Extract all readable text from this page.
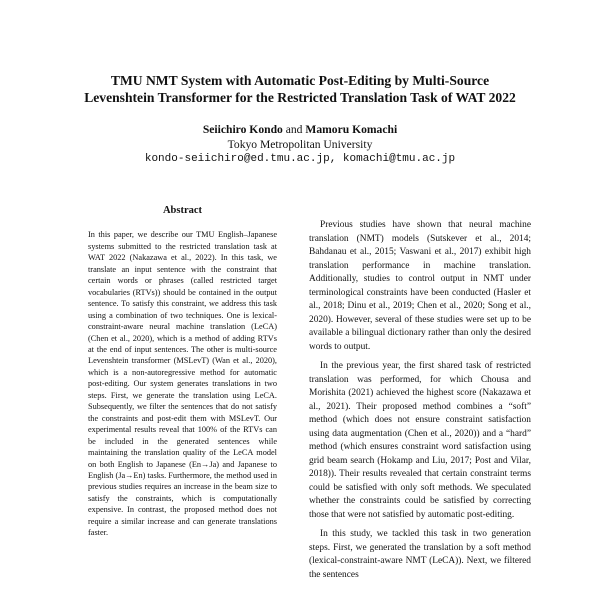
TMU NMT System with Automatic Post-Editing by Multi-Source
Levenshtein Transformer for the Restricted Translation Task of WAT 2022
Seiichiro Kondo and Mamoru Komachi
Tokyo Metropolitan University
kondo-seiichiro@ed.tmu.ac.jp, komachi@tmu.ac.jp
Abstract

In this paper, we describe our TMU English–Japanese systems submitted to the restricted translation task at WAT 2022 (Nakazawa et al., 2022). In this task, we translate an input sentence with the constraint that certain words or phrases (called restricted target vocabularies (RTVs)) should be contained in the output sentence. To satisfy this constraint, we address this task using a combination of two techniques. One is lexical-constraint-aware neural machine translation (LeCA) (Chen et al., 2020), which is a method of adding RTVs at the end of input sentences. The other is multi-source Levenshtein transformer (MSLevT) (Wan et al., 2020), which is a non-autoregressive method for automatic post-editing. Our system generates translations in two steps. First, we generate the translation using LeCA. Subsequently, we filter the sentences that do not satisfy the constraints and post-edit them with MSLevT. Our experimental results reveal that 100% of the RTVs can be included in the generated sentences while maintaining the translation quality of the LeCA model on both English to Japanese (En→Ja) and Japanese to English (Ja→En) tasks. Furthermore, the method used in previous studies requires an increase in the beam size to satisfy the constraints, which is computationally expensive. In contrast, the proposed method does not require a similar increase and can generate translations faster.

Previous studies have shown that neural machine translation (NMT) models (Sutskever et al., 2014; Bahdanau et al., 2015; Vaswani et al., 2017) exhibit high translation performance in machine translation. Additionally, studies to control output in NMT under terminological constraints have been conducted (Hasler et al., 2018; Dinu et al., 2019; Chen et al., 2020; Song et al., 2020). However, several of these studies were set up to be available a bilingual dictionary rather than only the desired words to output.

In the previous year, the first shared task of restricted translation was performed, for which Chousa and Morishita (2021) achieved the highest score (Nakazawa et al., 2021). Their proposed method combines a “soft” method (which does not ensure constraint satisfaction using data augmentation (Chen et al., 2020)) and a “hard” method (which ensures constraint word satisfaction using grid beam search (Hokamp and Liu, 2017; Post and Vilar, 2018)). Their results revealed that certain constraint terms could be satisfied with only soft methods. We speculated whether the constraints could be satisfied by correcting those that were not satisfied by automatic post-editing.

In this study, we tackled this task in two generation steps. First, we generated the translation by a soft method (lexical-constraint-aware NMT (LeCA)). Next, we filtered the sentences
